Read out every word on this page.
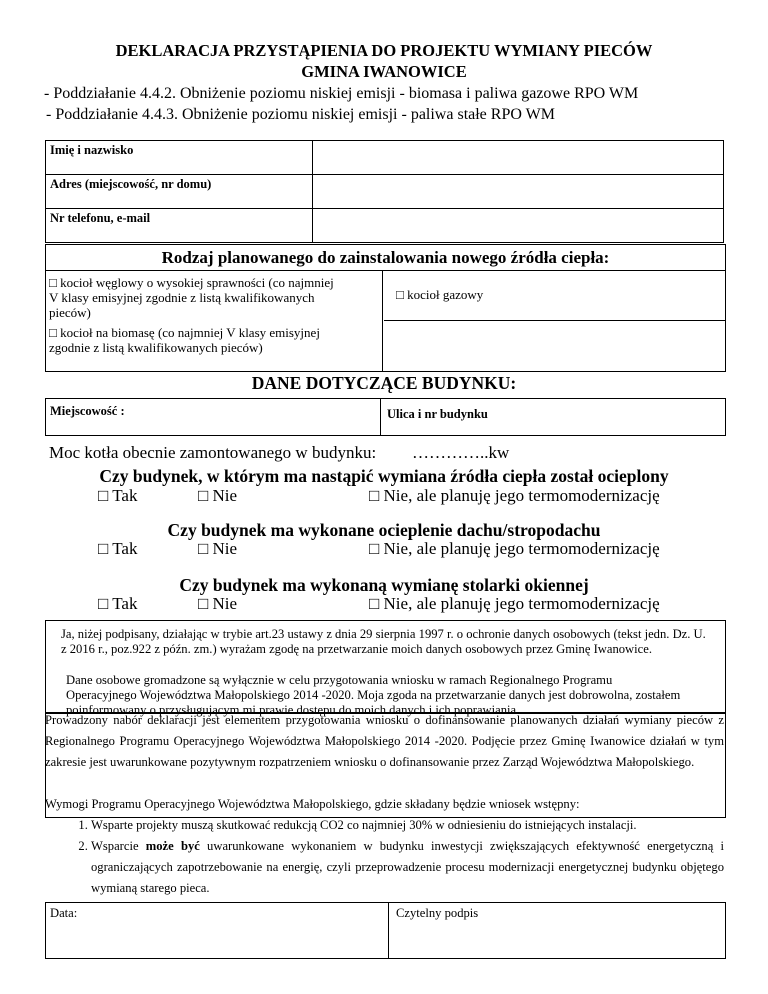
DEKLARACJA PRZYSTĄPIENIA DO PROJEKTU WYMIANY PIECÓW
GMINA IWANOWICE
- Poddziałanie 4.4.2. Obniżenie poziomu niskiej emisji - biomasa i paliwa gazowe RPO WM
- Poddziałanie 4.4.3. Obniżenie poziomu niskiej emisji - paliwa stałe RPO WM
Imię i nazwisko	
Adres (miejscowość, nr domu)	
Nr telefonu, e-mail	
Rodzaj planowanego do zainstalowania nowego źródła ciepła:
□ kocioł węglowy o wysokiej sprawności (co najmniej V klasy emisyjnej zgodnie z listą kwalifikowanych pieców)
□ kocioł na biomasę (co najmniej V klasy emisyjnej zgodnie z listą kwalifikowanych pieców)
□ kocioł gazowy
DANE DOTYCZĄCE BUDYNKU:
Miejscowość :	Ulica i nr budynku
Moc kotła obecnie zamontowanego w budynku: …………..kw
Czy budynek, w którym ma nastąpić wymiana źródła ciepła został ocieplony
□ Tak	□ Nie	□ Nie, ale planuję jego termomodernizację
Czy budynek ma wykonane ocieplenie dachu/stropodachu
□ Tak	□ Nie	□ Nie, ale planuję jego termomodernizację
Czy budynek ma wykonaną wymianę stolarki okiennej
□ Tak	□ Nie	□ Nie, ale planuję jego termomodernizację
Ja, niżej podpisany, działając w trybie art.23 ustawy z dnia 29 sierpnia 1997 r. o ochronie danych osobowych (tekst jedn. Dz. U. z 2016 r., poz.922 z późn. zm.) wyrażam zgodę na przetwarzanie moich danych osobowych przez Gminę Iwanowice.
Dane osobowe gromadzone są wyłącznie w celu przygotowania wniosku w ramach Regionalnego Programu Operacyjnego Województwa Małopolskiego 2014 -2020. Moja zgoda na przetwarzanie danych jest dobrowolna, zostałem poinformowany o przysługującym mi prawie dostępu do moich danych i ich poprawiania.
Prowadzony nabór deklaracji jest elementem przygotowania wniosku o dofinansowanie planowanych działań wymiany pieców z Regionalnego Programu Operacyjnego Województwa Małopolskiego 2014 -2020. Podjęcie przez Gminę Iwanowice działań w tym zakresie jest uwarunkowane pozytywnym rozpatrzeniem wniosku o dofinansowanie przez Zarząd Województwa Małopolskiego.
Wymogi Programu Operacyjnego Województwa Małopolskiego, gdzie składany będzie wniosek wstępny:
1. Wsparte projekty muszą skutkować redukcją CO2 co najmniej 30% w odniesieniu do istniejących instalacji.
2. Wsparcie może być uwarunkowane wykonaniem w budynku inwestycji zwiększających efektywność energetyczną i ograniczających zapotrzebowanie na energię, czyli przeprowadzenie procesu modernizacji energetycznej budynku objętego wymianą starego pieca.
Data:	Czytelny podpis
